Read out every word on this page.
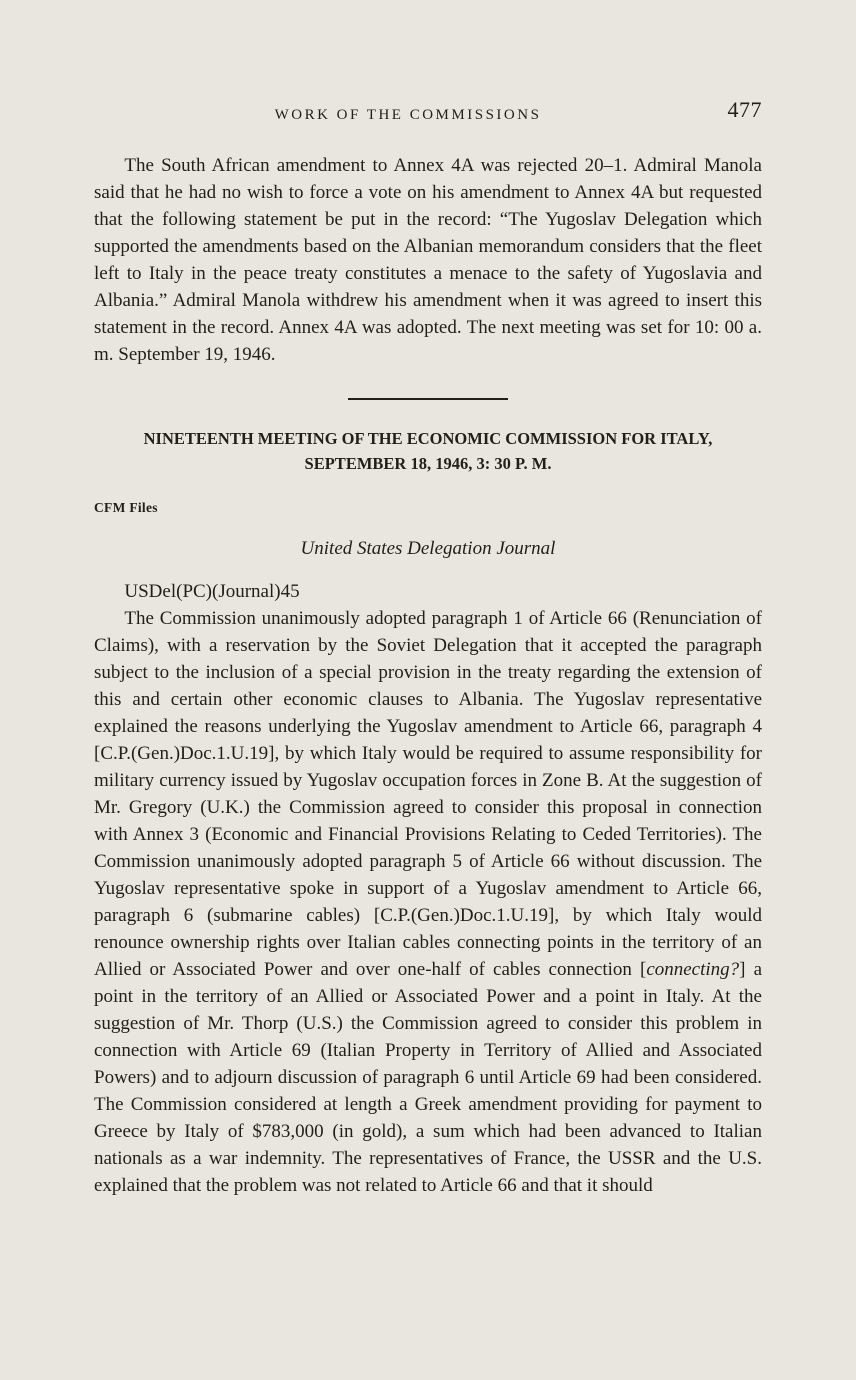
WORK OF THE COMMISSIONS	477

The South African amendment to Annex 4A was rejected 20–1. Admiral Manola said that he had no wish to force a vote on his amendment to Annex 4A but requested that the following statement be put in the record: “The Yugoslav Delegation which supported the amendments based on the Albanian memorandum considers that the fleet left to Italy in the peace treaty constitutes a menace to the safety of Yugoslavia and Albania.” Admiral Manola withdrew his amendment when it was agreed to insert this statement in the record. Annex 4A was adopted. The next meeting was set for 10: 00 a. m. September 19, 1946.

NINETEENTH MEETING OF THE ECONOMIC COMMISSION FOR ITALY,
SEPTEMBER 18, 1946, 3: 30 P. M.

CFM Files

United States Delegation Journal

USDel(PC)(Journal)45

The Commission unanimously adopted paragraph 1 of Article 66 (Renunciation of Claims), with a reservation by the Soviet Delegation that it accepted the paragraph subject to the inclusion of a special provision in the treaty regarding the extension of this and certain other economic clauses to Albania. The Yugoslav representative explained the reasons underlying the Yugoslav amendment to Article 66, paragraph 4 [C.P.(Gen.)Doc.1.U.19], by which Italy would be required to assume responsibility for military currency issued by Yugoslav occupation forces in Zone B. At the suggestion of Mr. Gregory (U.K.) the Commission agreed to consider this proposal in connection with Annex 3 (Economic and Financial Provisions Relating to Ceded Territories). The Commission unanimously adopted paragraph 5 of Article 66 without discussion. The Yugoslav representative spoke in support of a Yugoslav amendment to Article 66, paragraph 6 (submarine cables) [C.P.(Gen.)Doc.1.U.19], by which Italy would renounce ownership rights over Italian cables connecting points in the territory of an Allied or Associated Power and over one-half of cables connection [connecting?] a point in the territory of an Allied or Associated Power and a point in Italy. At the suggestion of Mr. Thorp (U.S.) the Commission agreed to consider this problem in connection with Article 69 (Italian Property in Territory of Allied and Associated Powers) and to adjourn discussion of paragraph 6 until Article 69 had been considered. The Commission considered at length a Greek amendment providing for payment to Greece by Italy of $783,000 (in gold), a sum which had been advanced to Italian nationals as a war indemnity. The representatives of France, the USSR and the U.S. explained that the problem was not related to Article 66 and that it should
